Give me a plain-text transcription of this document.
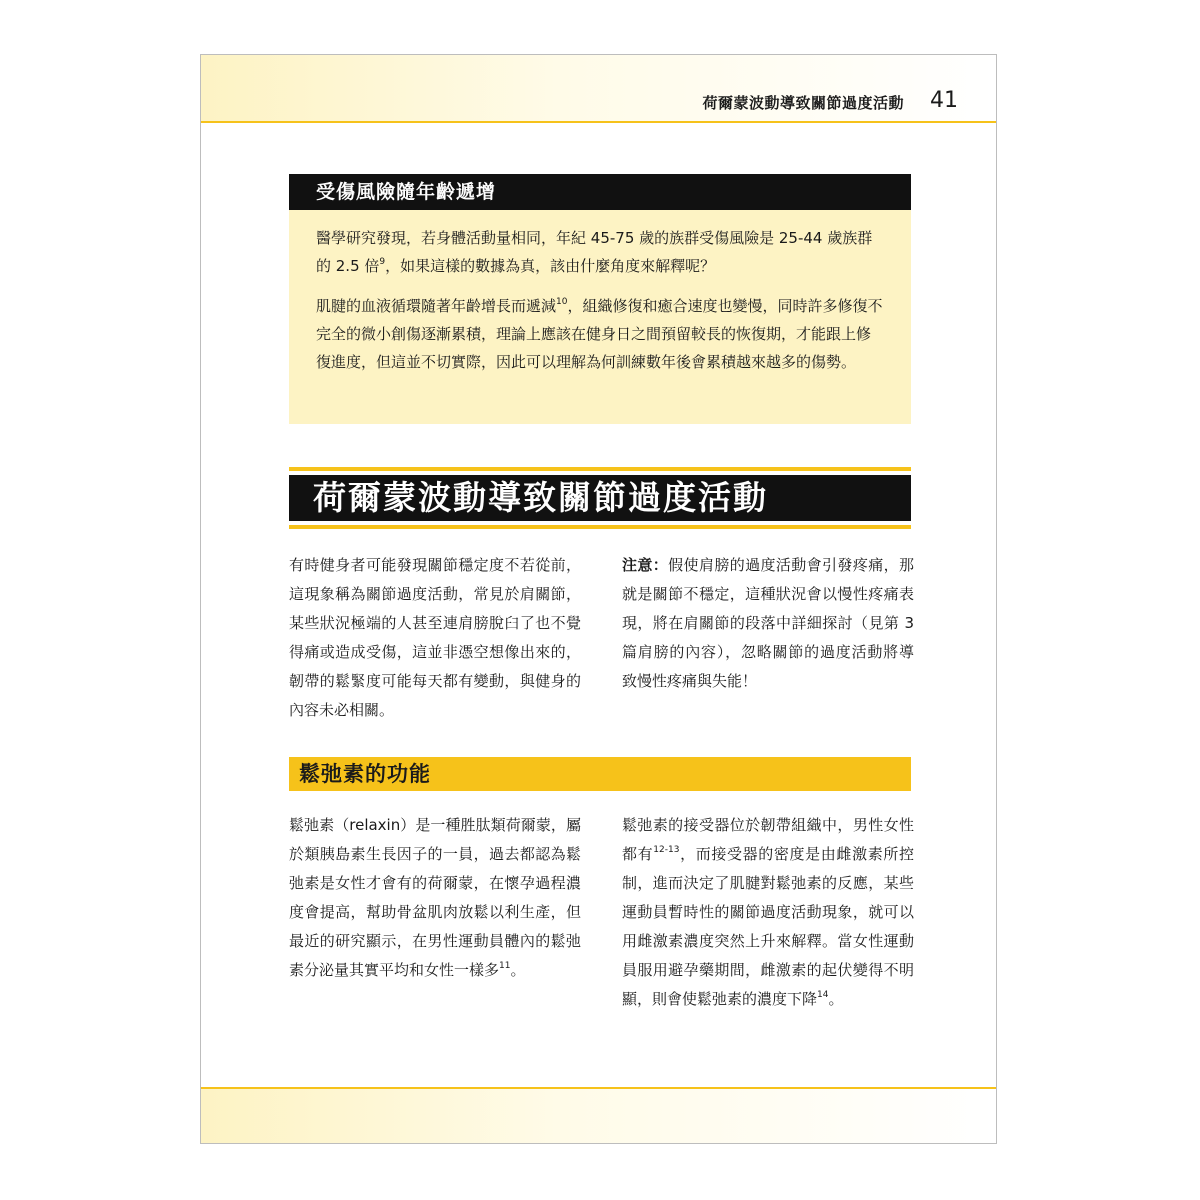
荷爾蒙波動導致關節過度活動 41
受傷風險隨年齡遞增

醫學研究發現，若身體活動量相同，年紀 45-75 歲的族群受傷風險是 25-44 歲族群的 2.5 倍$^9$，如果這樣的數據為真，該由什麼角度來解釋呢？

肌腱的血液循環隨著年齡增長而遞減$^{10}$，組織修復和癒合速度也變慢，同時許多修復不完全的微小創傷逐漸累積，理論上應該在健身日之間預留較長的恢復期，才能跟上修復進度，但這並不切實際，因此可以理解為何訓練數年後會累積越來越多的傷勢。

荷爾蒙波動導致關節過度活動

有時健身者可能發現關節穩定度不若從前，這現象稱為關節過度活動，常見於肩關節，某些狀況極端的人甚至連肩膀脫臼了也不覺得痛或造成受傷，這並非憑空想像出來的，韌帶的鬆緊度可能每天都有變動，與健身的內容未必相關。

注意：假使肩膀的過度活動會引發疼痛，那就是關節不穩定，這種狀況會以慢性疼痛表現，將在肩關節的段落中詳細探討（見第 3 篇肩膀的內容），忽略關節的過度活動將導致慢性疼痛與失能！

鬆弛素的功能

鬆弛素（relaxin）是一種胜肽類荷爾蒙，屬於類胰島素生長因子的一員，過去都認為鬆弛素是女性才會有的荷爾蒙，在懷孕過程濃度會提高，幫助骨盆肌肉放鬆以利生產，但最近的研究顯示，在男性運動員體內的鬆弛素分泌量其實平均和女性一樣多$^{11}$。

鬆弛素的接受器位於韌帶組織中，男性女性都有$^{12-13}$，而接受器的密度是由雌激素所控制，進而決定了肌腱對鬆弛素的反應，某些運動員暫時性的關節過度活動現象，就可以用雌激素濃度突然上升來解釋。當女性運動員服用避孕藥期間，雌激素的起伏變得不明顯，則會使鬆弛素的濃度下降$^{14}$。
